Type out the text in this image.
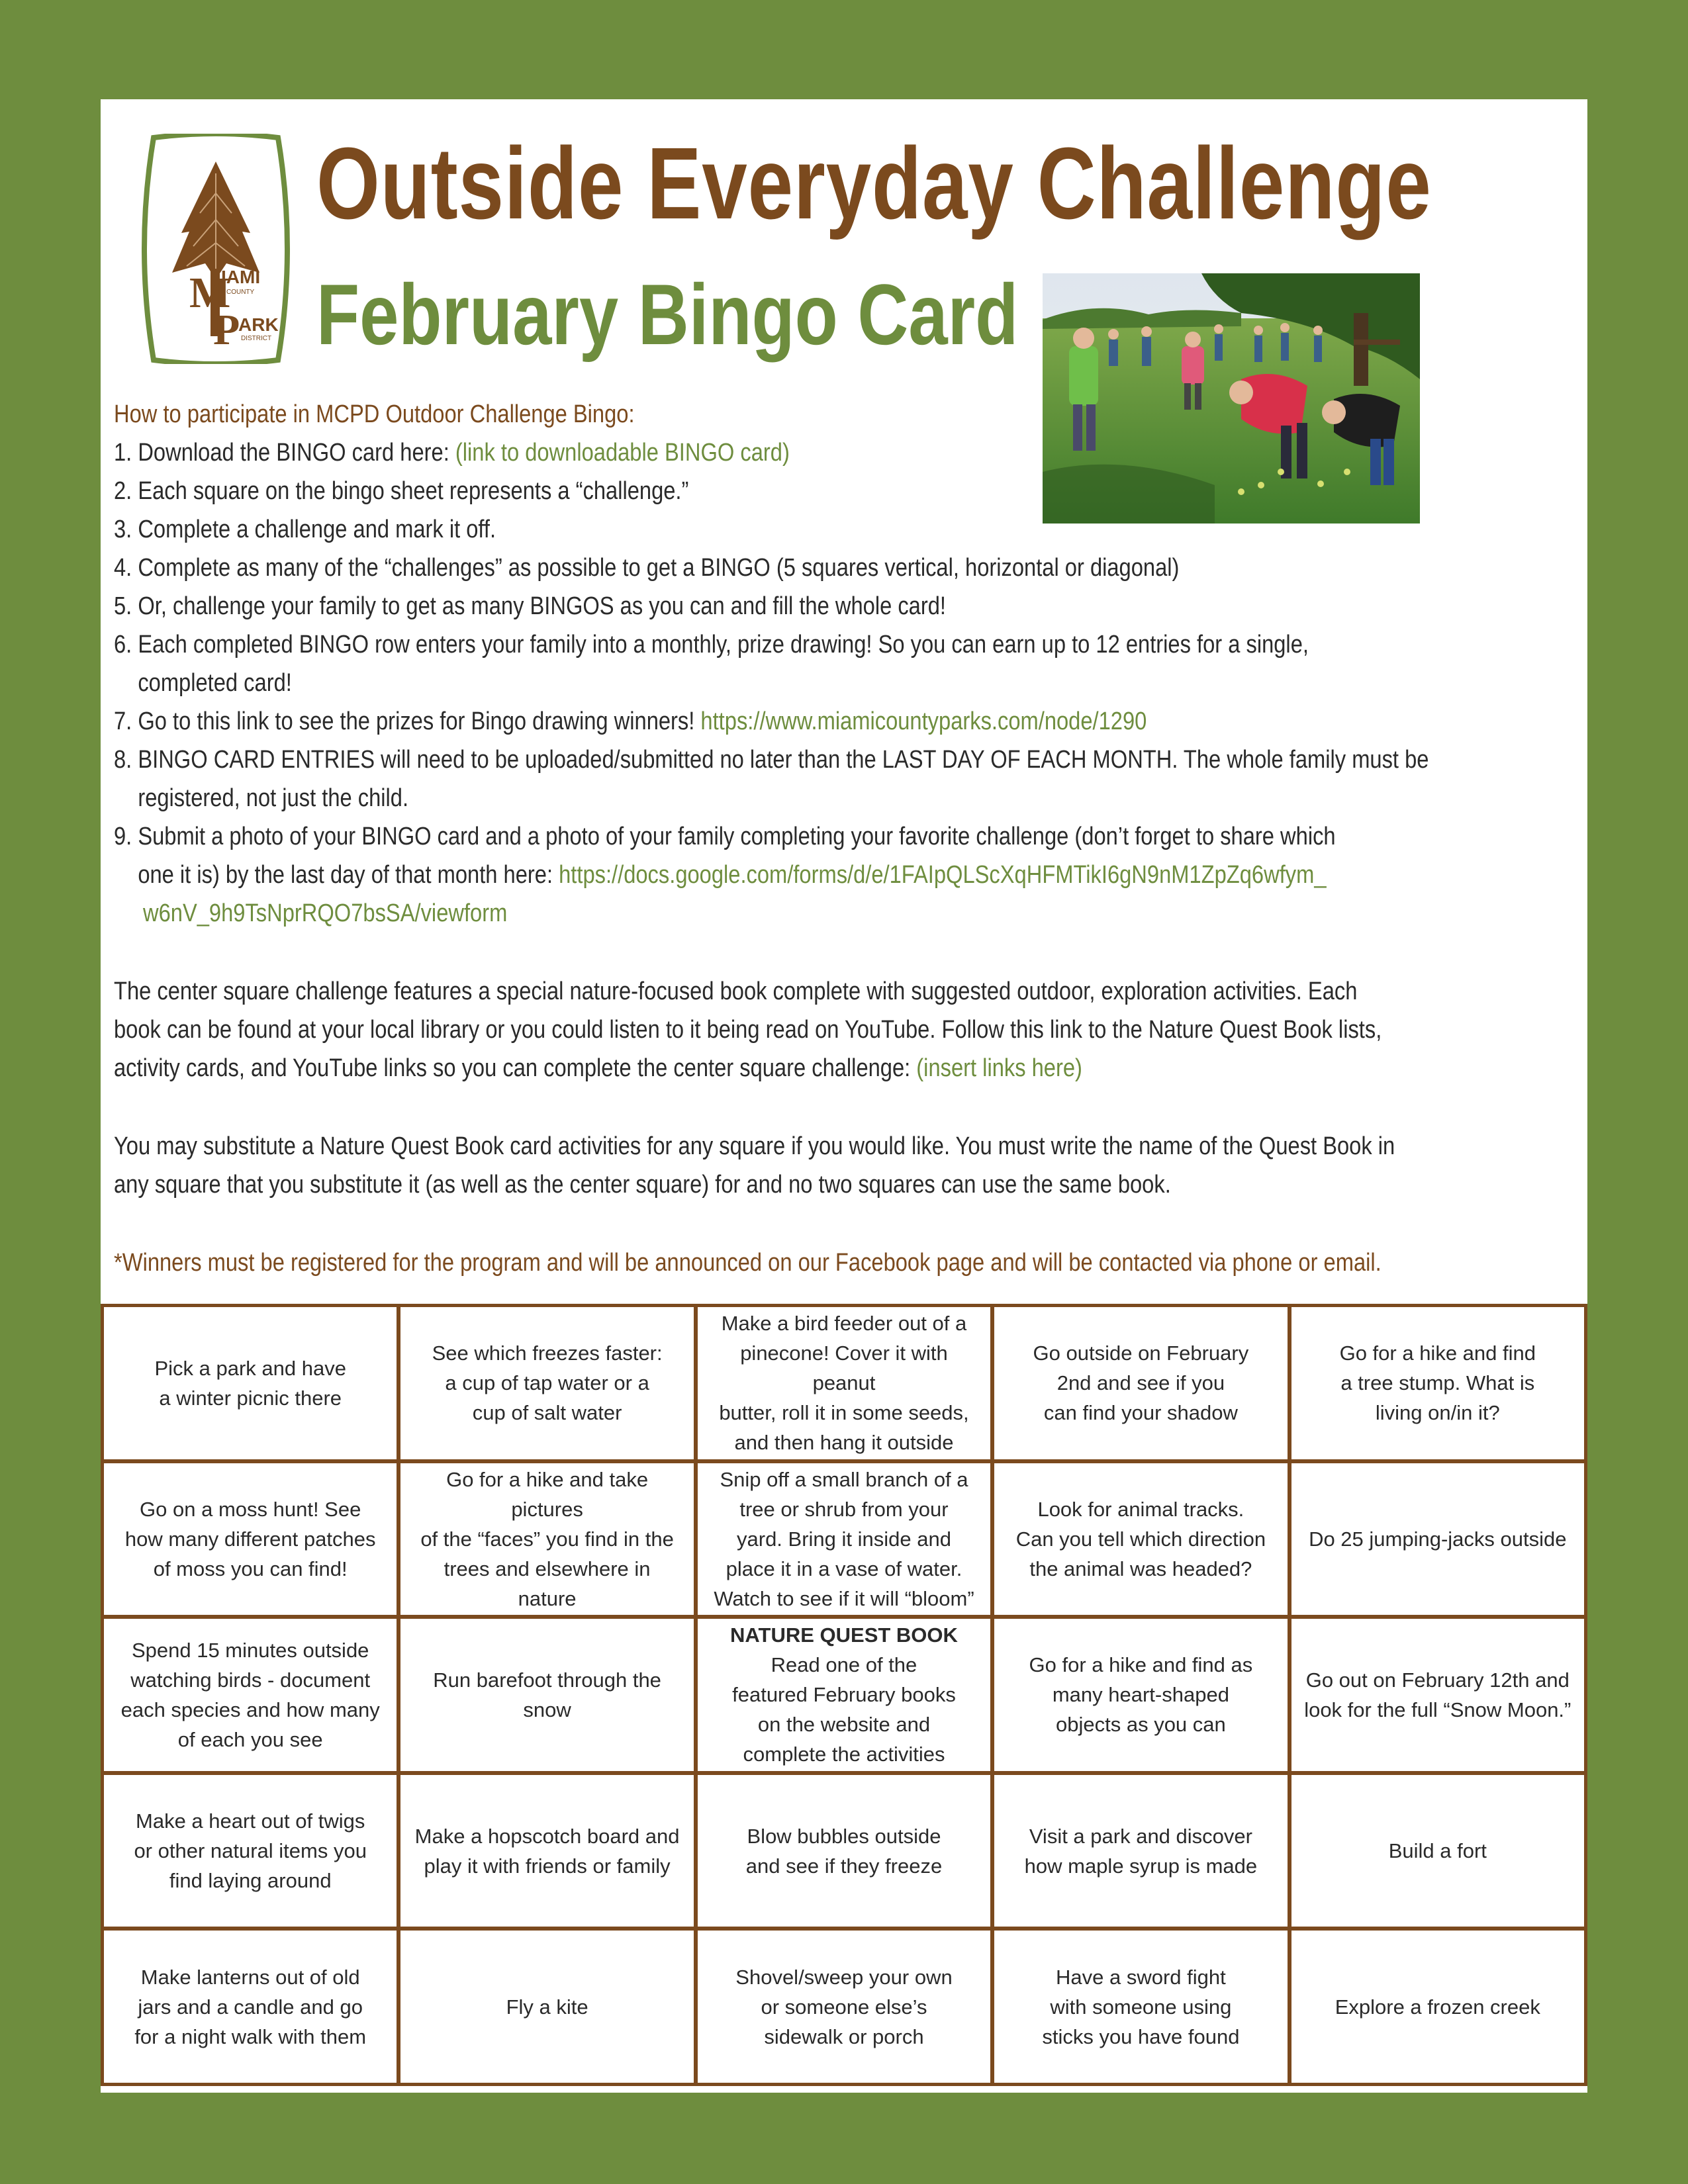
M
IAMI
COUNTY
P
ARK
DISTRICT
Outside Everyday Challenge
February Bingo Card
How to participate in MCPD Outdoor Challenge Bingo:
1. Download the BINGO card here: (link to downloadable BINGO card)
2. Each square on the bingo sheet represents a “challenge.”
3. Complete a challenge and mark it off.
4. Complete as many of the “challenges” as possible to get a BINGO (5 squares vertical, horizontal or diagonal)
5. Or, challenge your family to get as many BINGOS as you can and fill the whole card!
6. Each completed BINGO row enters your family into a monthly, prize drawing! So you can earn up to 12 entries for a single,
completed card!
7. Go to this link to see the prizes for Bingo drawing winners! https://www.miamicountyparks.com/node/1290
8. BINGO CARD ENTRIES will need to be uploaded/submitted no later than the LAST DAY OF EACH MONTH. The whole family must be
registered, not just the child.
9. Submit a photo of your BINGO card and a photo of your family completing your favorite challenge (don’t forget to share which
one it is) by the last day of that month here: https://docs.google.com/forms/d/e/1FAIpQLScXqHFMTikI6gN9nM1ZpZq6wfym_
w6nV_9h9TsNprRQO7bsSA/viewform
The center square challenge features a special nature-focused book complete with suggested outdoor, exploration activities. Each
book can be found at your local library or you could listen to it being read on YouTube. Follow this link to the Nature Quest Book lists,
activity cards, and YouTube links so you can complete the center square challenge: (insert links here)
You may substitute a Nature Quest Book card activities for any square if you would like. You must write the name of the Quest Book in
any square that you substitute it (as well as the center square) for and no two squares can use the same book.
*Winners must be registered for the program and will be announced on our Facebook page and will be contacted via phone or email.
Pick a park and have
a winter picnic there
See which freezes faster:
a cup of tap water or a
cup of salt water
Make a bird feeder out of a
pinecone! Cover it with peanut
butter, roll it in some seeds,
and then hang it outside
Go outside on February
2nd and see if you
can find your shadow
Go for a hike and find
a tree stump. What is
living on/in it?
Go on a moss hunt! See
how many different patches
of moss you can find!
Go for a hike and take pictures
of the “faces” you find in the
trees and elsewhere in nature
Snip off a small branch of a
tree or shrub from your
yard. Bring it inside and
place it in a vase of water.
Watch to see if it will “bloom”
Look for animal tracks.
Can you tell which direction
the animal was headed?
Do 25 jumping-jacks outside
Spend 15 minutes outside
watching birds - document
each species and how many
of each you see
Run barefoot through the snow
NATURE QUEST BOOK
Read one of the
featured February books
on the website and
complete the activities
Go for a hike and find as
many heart-shaped
objects as you can
Go out on February 12th and
look for the full “Snow Moon.”
Make a heart out of twigs
or other natural items you
find laying around
Make a hopscotch board and
play it with friends or family
Blow bubbles outside
and see if they freeze
Visit a park and discover
how maple syrup is made
Build a fort
Make lanterns out of old
jars and a candle and go
for a night walk with them
Fly a kite
Shovel/sweep your own
or someone else’s
sidewalk or porch
Have a sword fight
with someone using
sticks you have found
Explore a frozen creek
